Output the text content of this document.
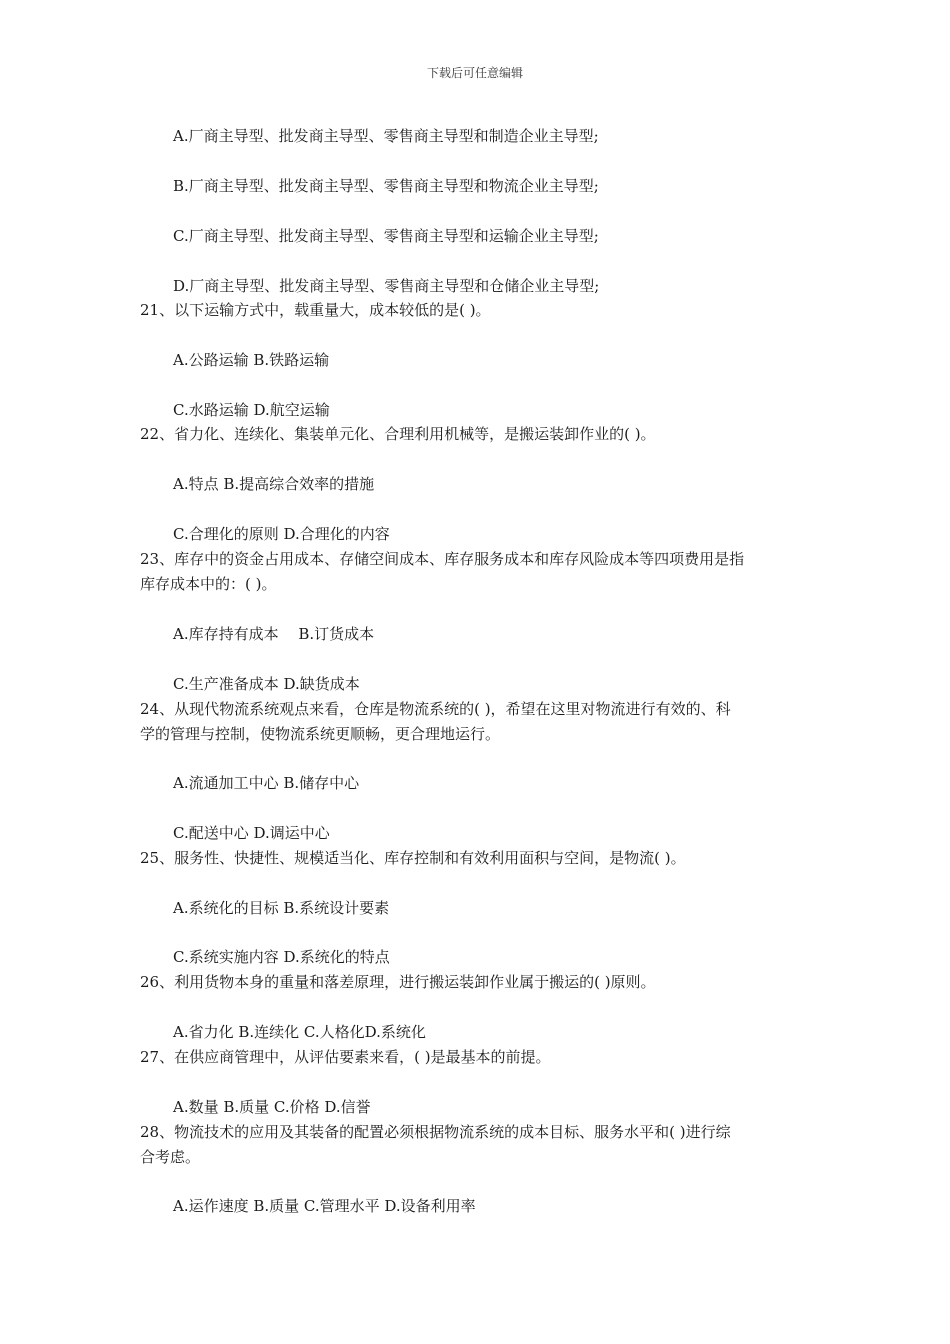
下载后可任意编辑
A.厂商主导型、批发商主导型、零售商主导型和制造企业主导型;
B.厂商主导型、批发商主导型、零售商主导型和物流企业主导型;
C.厂商主导型、批发商主导型、零售商主导型和运输企业主导型;
D.厂商主导型、批发商主导型、零售商主导型和仓储企业主导型;
21、以下运输方式中，载重量大，成本较低的是( )。
A.公路运输 B.铁路运输
C.水路运输 D.航空运输
22、省力化、连续化、集装单元化、合理利用机械等，是搬运装卸作业的( )。
A.特点 B.提高综合效率的措施
C.合理化的原则 D.合理化的内容
23、库存中的资金占用成本、存储空间成本、库存服务成本和库存风险成本等四项费用是指
库存成本中的：( )。
A.库存持有成本　 B.订货成本
C.生产准备成本 D.缺货成本
24、从现代物流系统观点来看，仓库是物流系统的( )，希望在这里对物流进行有效的、科
学的管理与控制，使物流系统更顺畅，更合理地运行。
A.流通加工中心 B.储存中心
C.配送中心 D.调运中心
25、服务性、快捷性、规模适当化、库存控制和有效利用面积与空间，是物流( )。
A.系统化的目标 B.系统设计要素
C.系统实施内容 D.系统化的特点
26、利用货物本身的重量和落差原理，进行搬运装卸作业属于搬运的( )原则。
A.省力化 B.连续化 C.人格化D.系统化
27、在供应商管理中，从评估要素来看，( )是最基本的前提。
A.数量 B.质量 C.价格 D.信誉
28、物流技术的应用及其装备的配置必须根据物流系统的成本目标、服务水平和( )进行综
合考虑。
A.运作速度 B.质量 C.管理水平 D.设备利用率
